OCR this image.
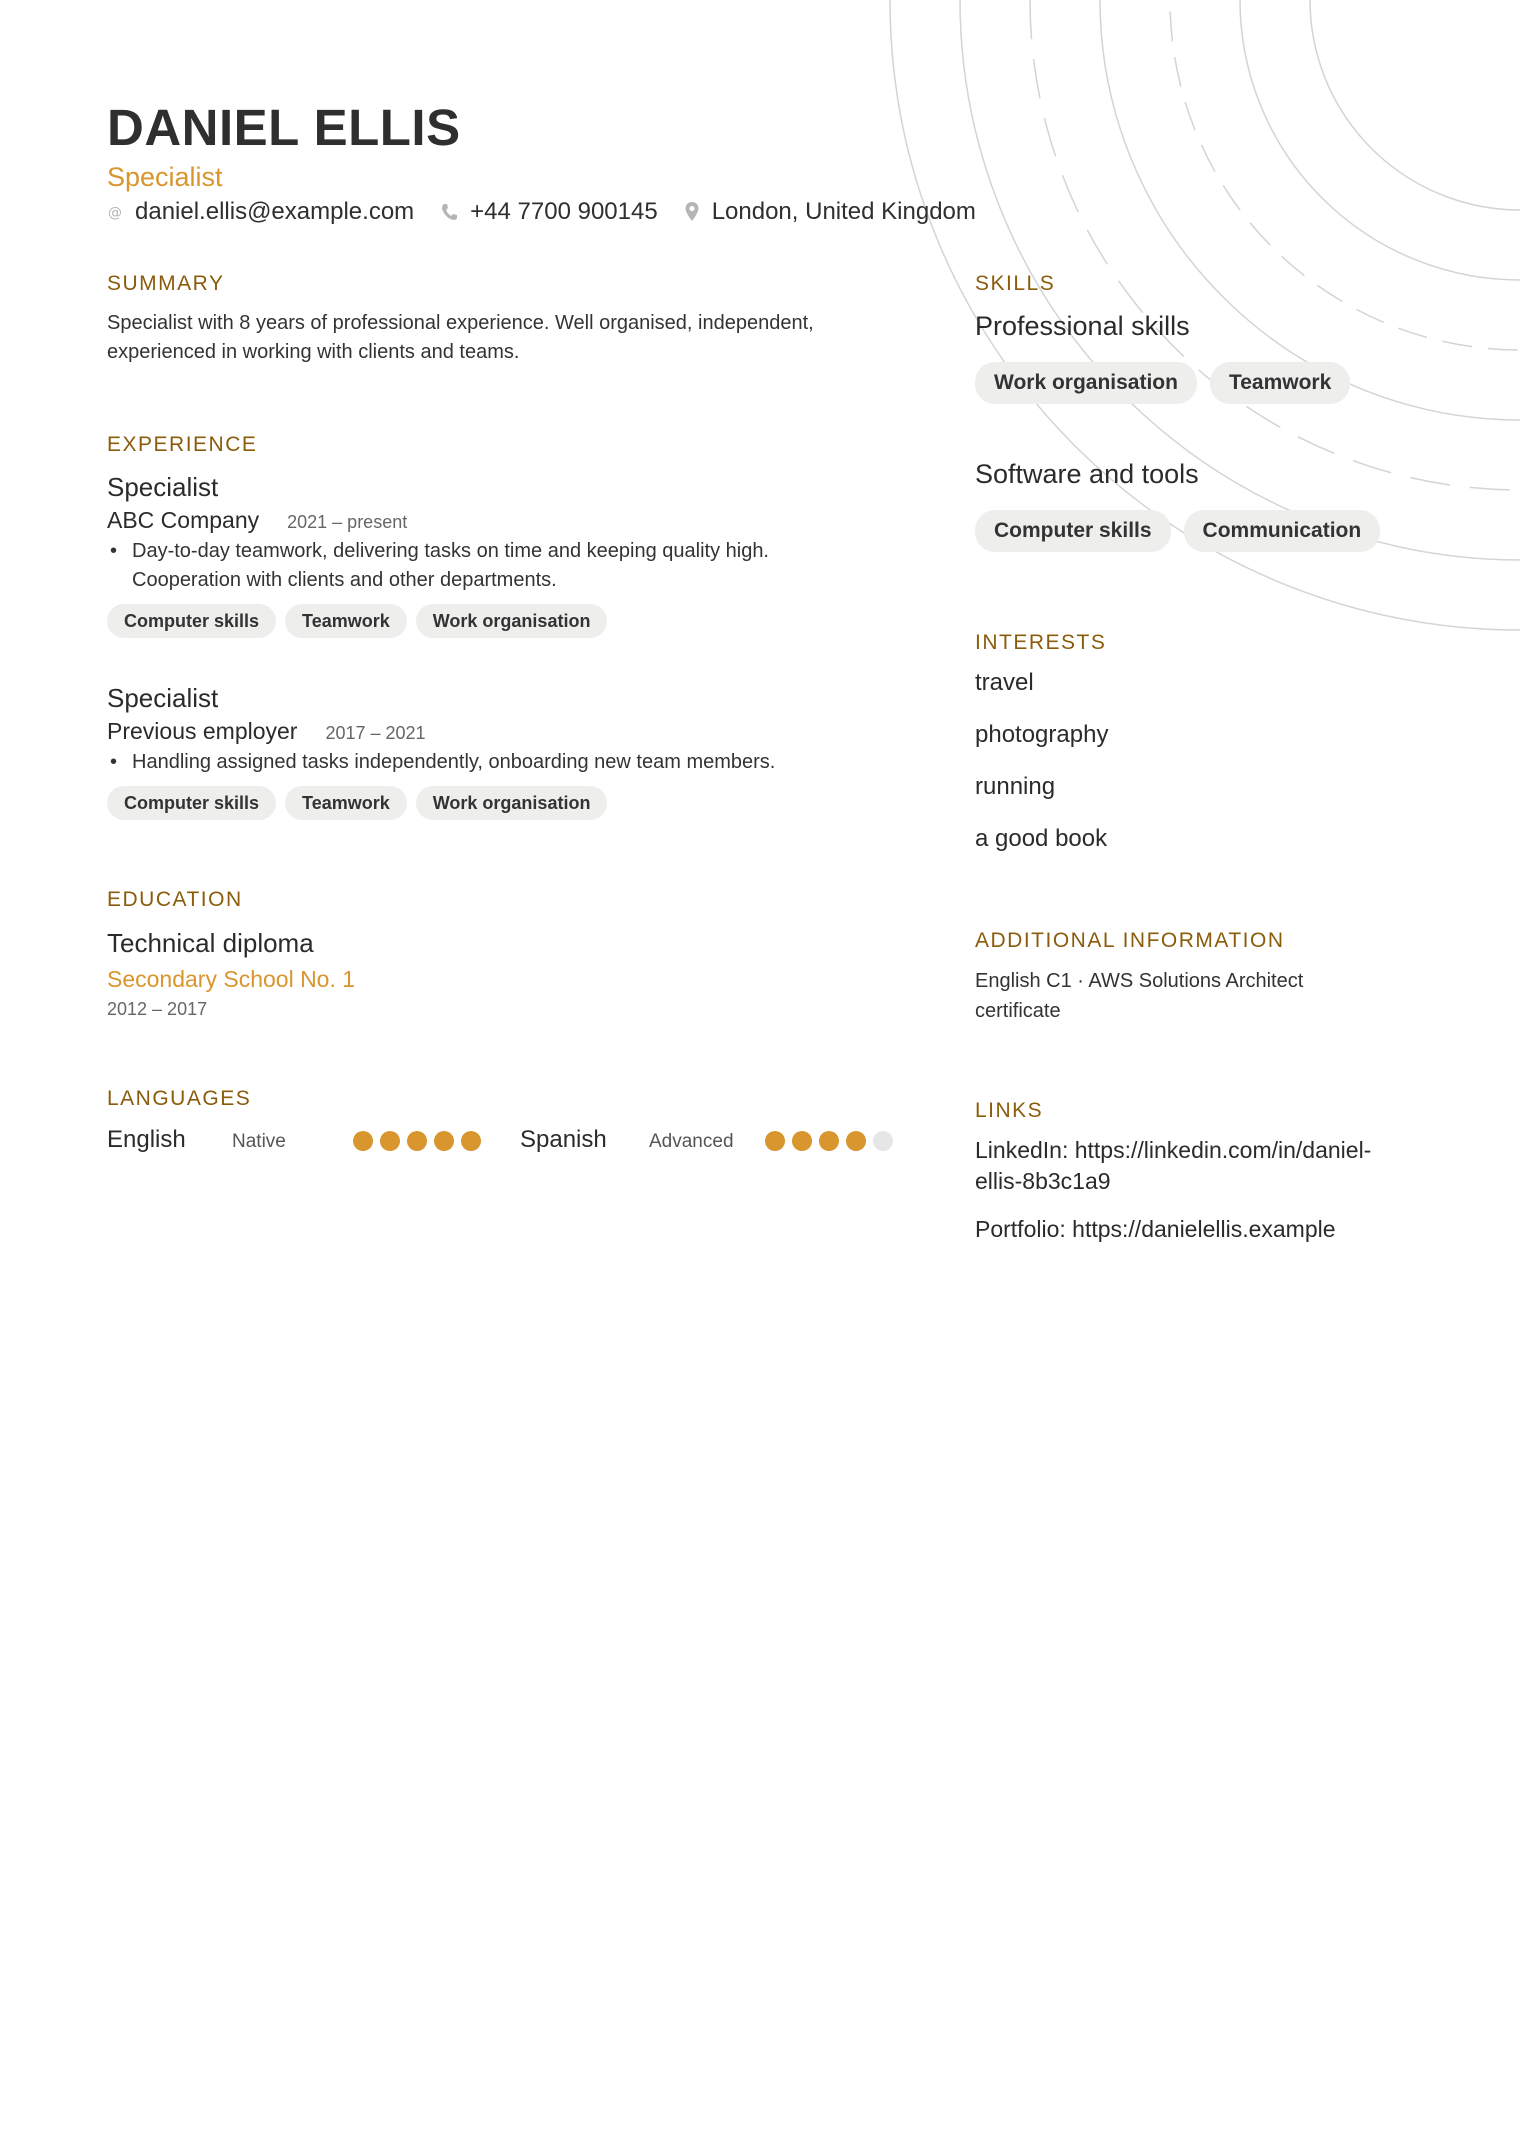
DANIEL ELLIS
Specialist
@ daniel.ellis@example.com +44 7700 900145 London, United Kingdom
SUMMARY
Specialist with 8 years of professional experience. Well organised, independent,
experienced in working with clients and teams.
EXPERIENCE
Specialist
ABC Company 2021 – present
• Day-to-day teamwork, delivering tasks on time and keeping quality high.
Cooperation with clients and other departments.
Computer skills Teamwork Work organisation
Specialist
Previous employer 2017 – 2021
• Handling assigned tasks independently, onboarding new team members.
Computer skills Teamwork Work organisation
EDUCATION
Technical diploma
Secondary School No. 1
2012 – 2017
LANGUAGES
English Native	Spanish Advanced
SKILLS
Professional skills
Work organisation Teamwork
Software and tools
Computer skills Communication
INTERESTS
travel
photography
running
a good book
ADDITIONAL INFORMATION
English C1 · AWS Solutions Architect
certificate
LINKS
LinkedIn: https://linkedin.com/in/daniel-
ellis-8b3c1a9
Portfolio: https://danielellis.example
